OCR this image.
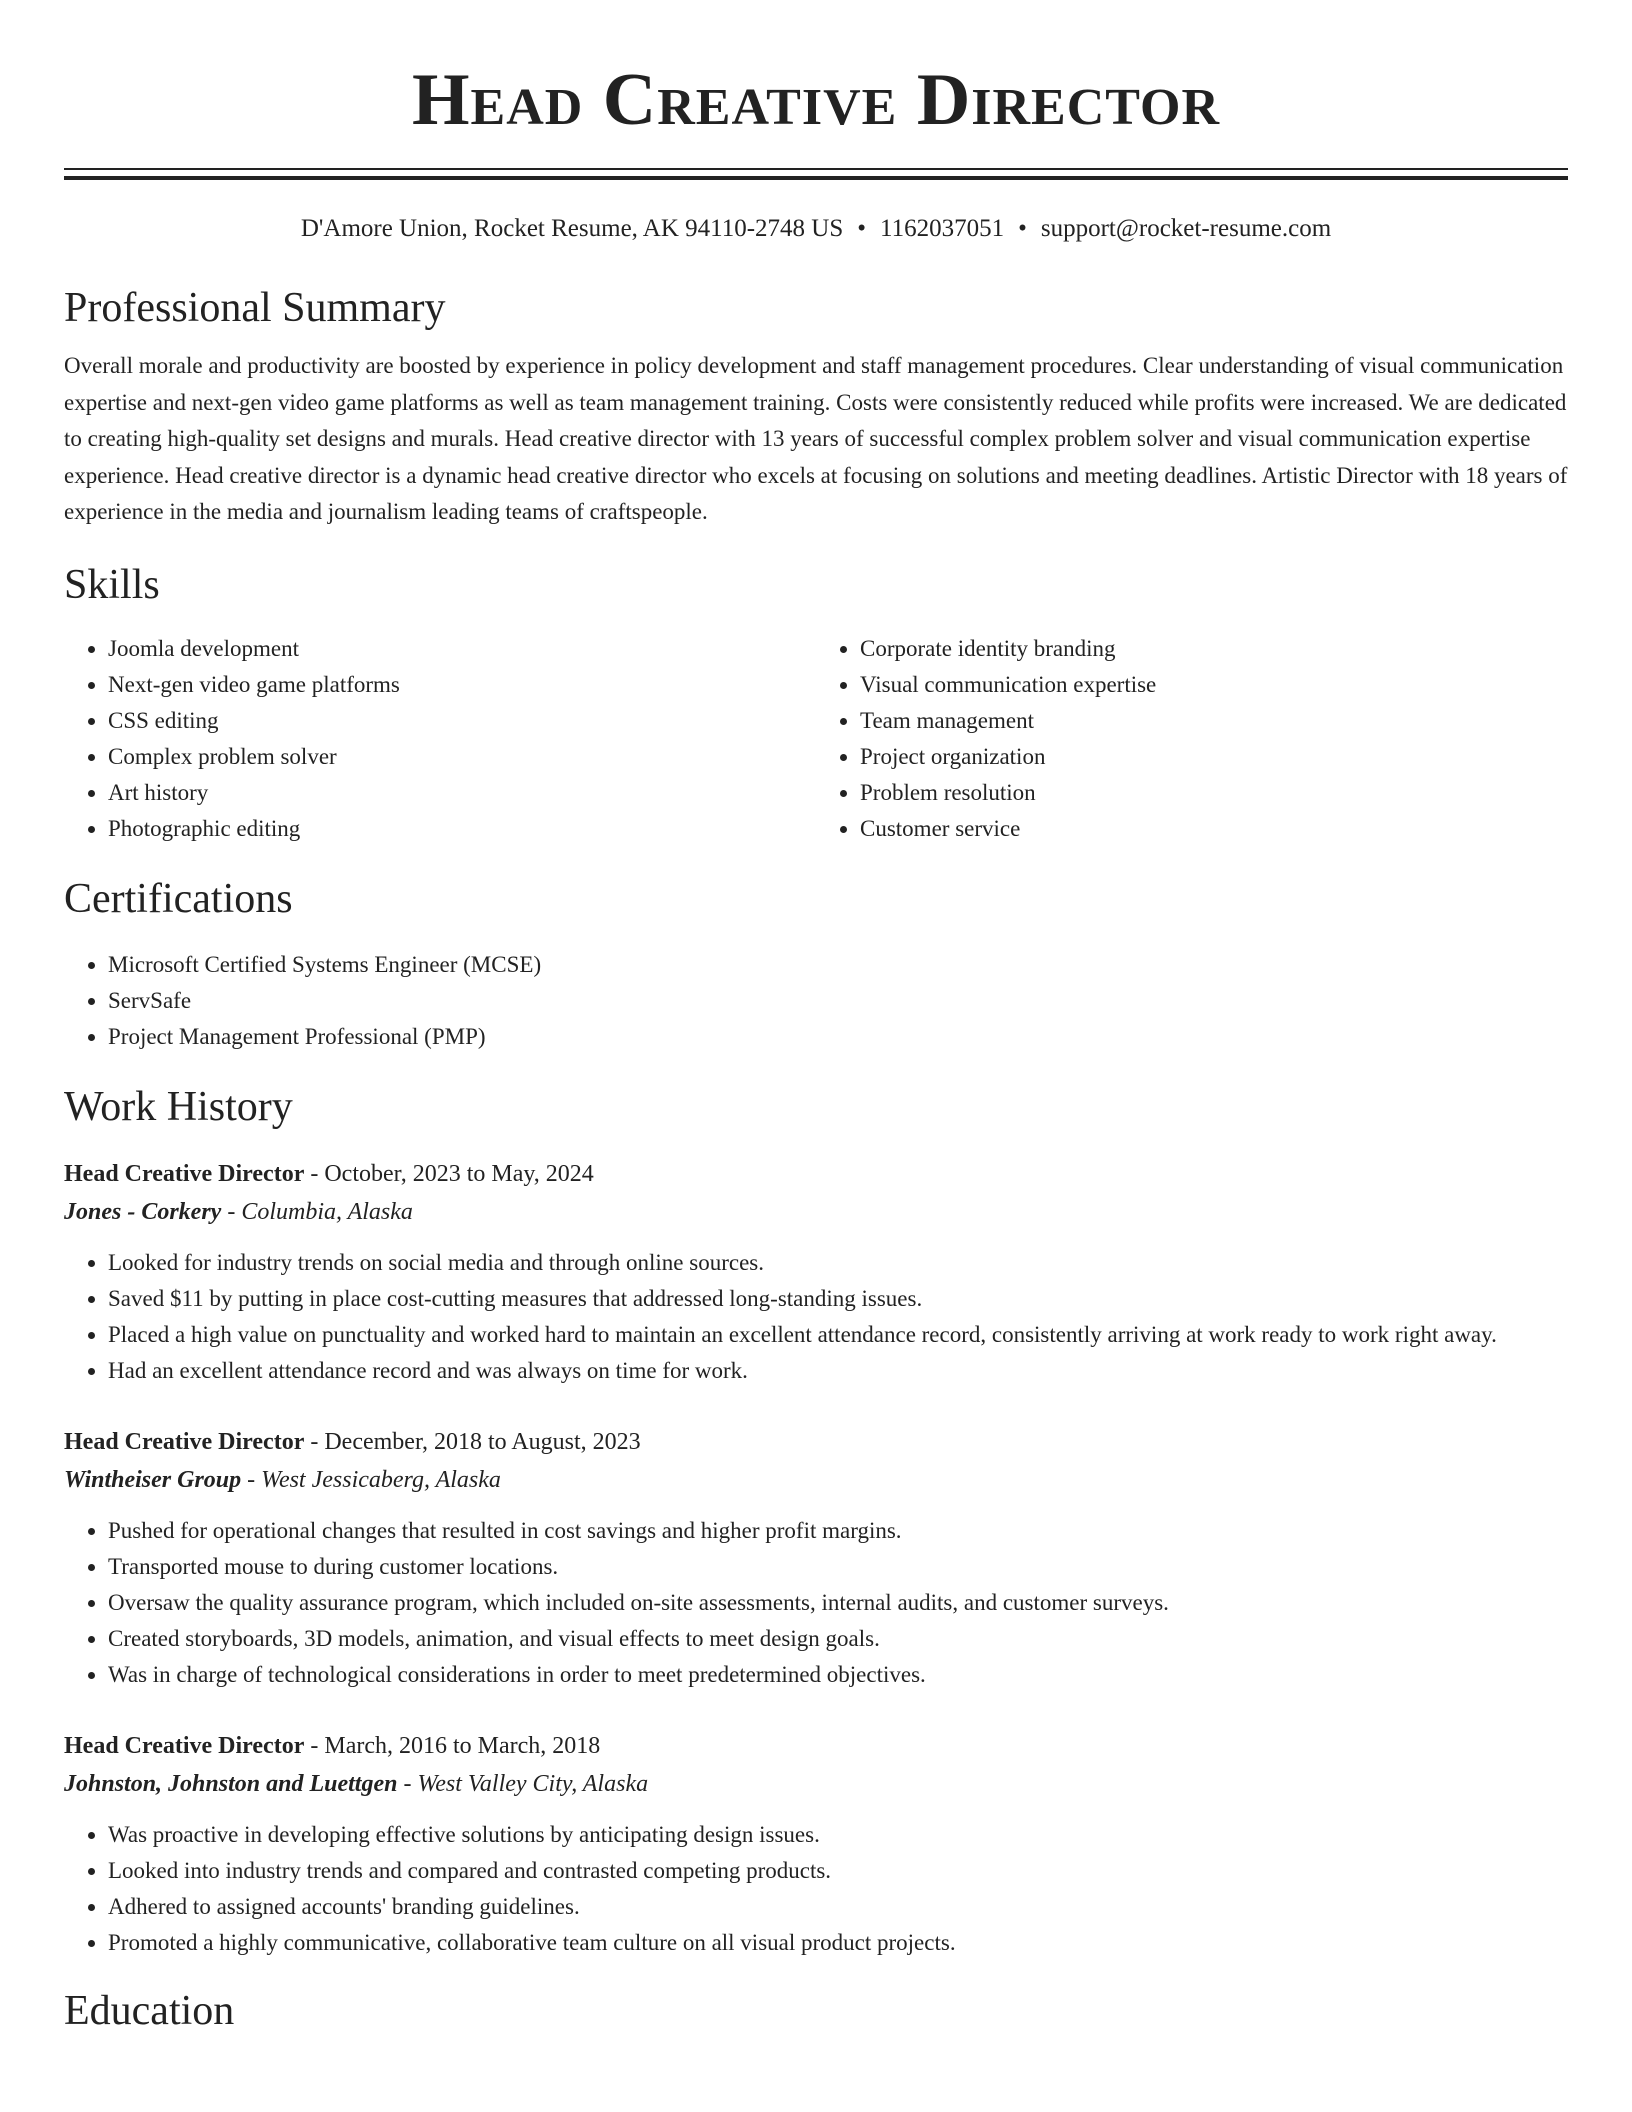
Head Creative Director
D'Amore Union, Rocket Resume, AK 94110-2748 US • 1162037051 • support@rocket-resume.com
Professional Summary

Overall morale and productivity are boosted by experience in policy development and staff management procedures. Clear understanding of visual communication expertise and next-gen video game platforms as well as team management training. Costs were consistently reduced while profits were increased. We are dedicated to creating high-quality set designs and murals. Head creative director with 13 years of successful complex problem solver and visual communication expertise experience. Head creative director is a dynamic head creative director who excels at focusing on solutions and meeting deadlines. Artistic Director with 18 years of experience in the media and journalism leading teams of craftspeople.

Skills
• Joomla development
• Next-gen video game platforms
• CSS editing
• Complex problem solver
• Art history
• Photographic editing
• Corporate identity branding
• Visual communication expertise
• Team management
• Project organization
• Problem resolution
• Customer service
Certifications
• Microsoft Certified Systems Engineer (MCSE)
• ServSafe
• Project Management Professional (PMP)
Work History
Head Creative Director - October, 2023 to May, 2024
Jones - Corkery - Columbia, Alaska
• Looked for industry trends on social media and through online sources.
• Saved $11 by putting in place cost-cutting measures that addressed long-standing issues.
• Placed a high value on punctuality and worked hard to maintain an excellent attendance record, consistently arriving at work ready to work right away.
• Had an excellent attendance record and was always on time for work.
Head Creative Director - December, 2018 to August, 2023
Wintheiser Group - West Jessicaberg, Alaska
• Pushed for operational changes that resulted in cost savings and higher profit margins.
• Transported mouse to during customer locations.
• Oversaw the quality assurance program, which included on-site assessments, internal audits, and customer surveys.
• Created storyboards, 3D models, animation, and visual effects to meet design goals.
• Was in charge of technological considerations in order to meet predetermined objectives.
Head Creative Director - March, 2016 to March, 2018
Johnston, Johnston and Luettgen - West Valley City, Alaska
• Was proactive in developing effective solutions by anticipating design issues.
• Looked into industry trends and compared and contrasted competing products.
• Adhered to assigned accounts' branding guidelines.
• Promoted a highly communicative, collaborative team culture on all visual product projects.
Education
